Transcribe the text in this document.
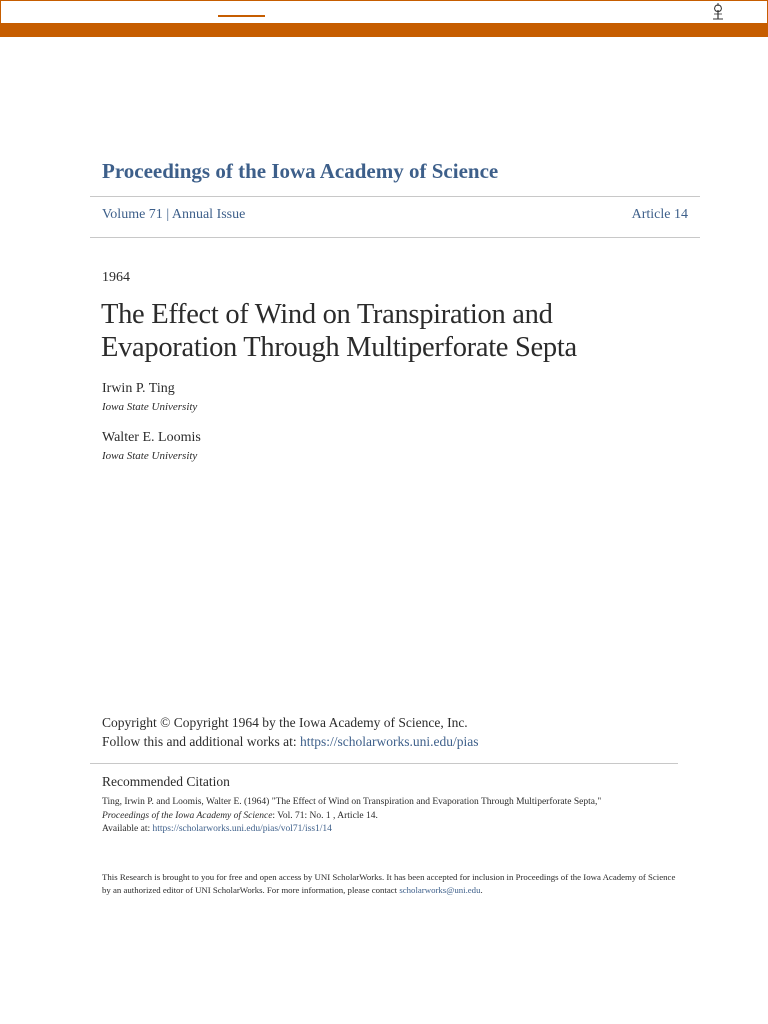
Proceedings of the Iowa Academy of Science
Volume 71 | Annual Issue	Article 14
1964
The Effect of Wind on Transpiration and
Evaporation Through Multiperforate Septa
Irwin P. Ting
Iowa State University
Walter E. Loomis
Iowa State University
Copyright © Copyright 1964 by the Iowa Academy of Science, Inc.
Follow this and additional works at: https://scholarworks.uni.edu/pias
Recommended Citation
Ting, Irwin P. and Loomis, Walter E. (1964) "The Effect of Wind on Transpiration and Evaporation Through Multiperforate Septa,"
Proceedings of the Iowa Academy of Science: Vol. 71: No. 1 , Article 14.
Available at: https://scholarworks.uni.edu/pias/vol71/iss1/14
This Research is brought to you for free and open access by UNI ScholarWorks. It has been accepted for inclusion in Proceedings of the Iowa Academy of Science by an authorized editor of UNI ScholarWorks. For more information, please contact scholarworks@uni.edu.
